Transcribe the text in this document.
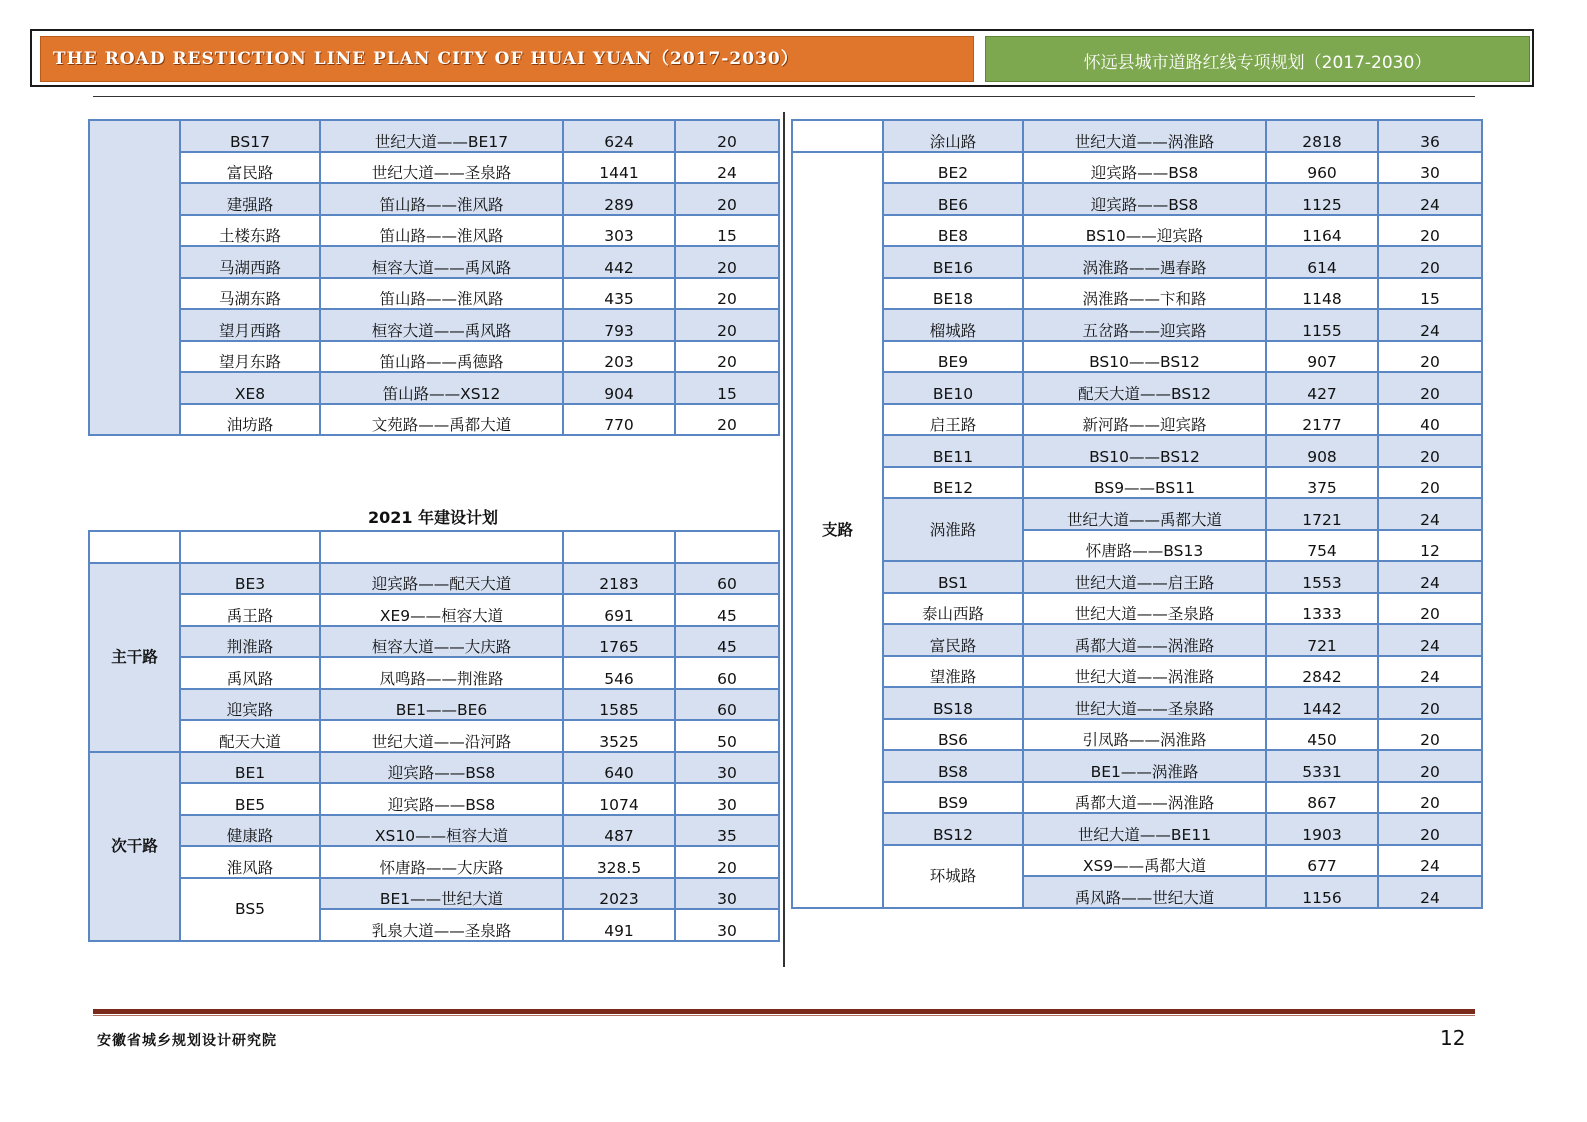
THE ROAD RESTICTION LINE PLAN CITY OF HUAI YUAN（2017-2030）	怀远县城市道路红线专项规划（2017-2030）
	BS17	世纪大道——BE17	624	20
	富民路	世纪大道——圣泉路	1441	24
	建强路	笛山路——淮风路	289	20
	土楼东路	笛山路——淮风路	303	15
	马湖西路	桓容大道——禹风路	442	20
	马湖东路	笛山路——淮风路	435	20
	望月西路	桓容大道——禹风路	793	20
	望月东路	笛山路——禹德路	203	20
	XE8	笛山路——XS12	904	15
	油坊路	文苑路——禹都大道	770	20
2021 年建设计划

主干路	BE3	迎宾路——配天大道	2183	60
	禹王路	XE9——桓容大道	691	45
	荆淮路	桓容大道——大庆路	1765	45
	禹风路	凤鸣路——荆淮路	546	60
	迎宾路	BE1——BE6	1585	60
	配天大道	世纪大道——沿河路	3525	50
次干路	BE1	迎宾路——BS8	640	30
	BE5	迎宾路——BS8	1074	30
	健康路	XS10——桓容大道	487	35
	淮风路	怀唐路——大庆路	328.5	20
	BS5	BE1——世纪大道	2023	30
		乳泉大道——圣泉路	491	30
	涂山路	世纪大道——涡淮路	2818	36
支路	BE2	迎宾路——BS8	960	30
	BE6	迎宾路——BS8	1125	24
	BE8	BS10——迎宾路	1164	20
	BE16	涡淮路——遇春路	614	20
	BE18	涡淮路——卞和路	1148	15
	榴城路	五岔路——迎宾路	1155	24
	BE9	BS10——BS12	907	20
	BE10	配天大道——BS12	427	20
	启王路	新河路——迎宾路	2177	40
	BE11	BS10——BS12	908	20
	BE12	BS9——BS11	375	20
	涡淮路	世纪大道——禹都大道	1721	24
		怀唐路——BS13	754	12
	BS1	世纪大道——启王路	1553	24
	泰山西路	世纪大道——圣泉路	1333	20
	富民路	禹都大道——涡淮路	721	24
	望淮路	世纪大道——涡淮路	2842	24
	BS18	世纪大道——圣泉路	1442	20
	BS6	引凤路——涡淮路	450	20
	BS8	BE1——涡淮路	5331	20
	BS9	禹都大道——涡淮路	867	20
	BS12	世纪大道——BE11	1903	20
	环城路	XS9——禹都大道	677	24
		禹风路——世纪大道	1156	24
安徽省城乡规划设计研究院	12
